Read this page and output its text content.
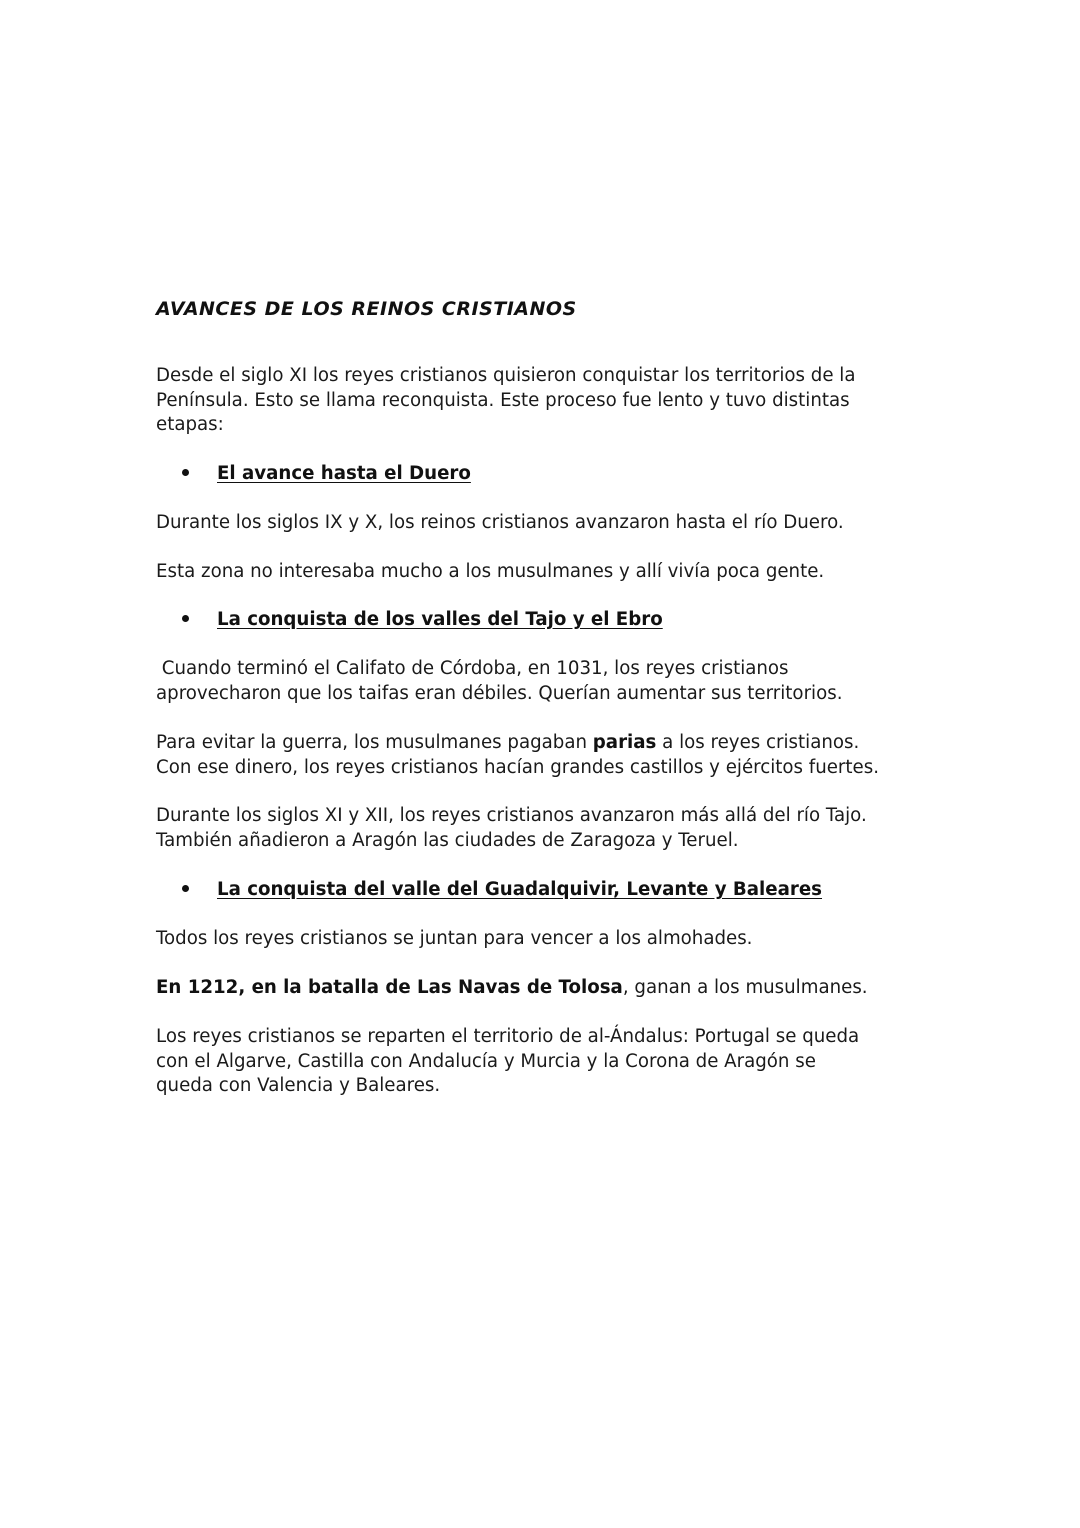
AVANCES DE LOS REINOS CRISTIANOS

Desde el siglo XI los reyes cristianos quisieron conquistar los territorios de la
Península. Esto se llama reconquista. Este proceso fue lento y tuvo distintas
etapas:

El avance hasta el Duero

Durante los siglos IX y X, los reinos cristianos avanzaron hasta el río Duero.

Esta zona no interesaba mucho a los musulmanes y allí vivía poca gente.

La conquista de los valles del Tajo y el Ebro

Cuando terminó el Califato de Córdoba, en 1031, los reyes cristianos
aprovecharon que los taifas eran débiles. Querían aumentar sus territorios.

Para evitar la guerra, los musulmanes pagaban parias a los reyes cristianos.
Con ese dinero, los reyes cristianos hacían grandes castillos y ejércitos fuertes.

Durante los siglos XI y XII, los reyes cristianos avanzaron más allá del río Tajo.
También añadieron a Aragón las ciudades de Zaragoza y Teruel.

La conquista del valle del Guadalquivir, Levante y Baleares

Todos los reyes cristianos se juntan para vencer a los almohades.

En 1212, en la batalla de Las Navas de Tolosa, ganan a los musulmanes.

Los reyes cristianos se reparten el territorio de al-Ándalus: Portugal se queda
con el Algarve, Castilla con Andalucía y Murcia y la Corona de Aragón se
queda con Valencia y Baleares.
